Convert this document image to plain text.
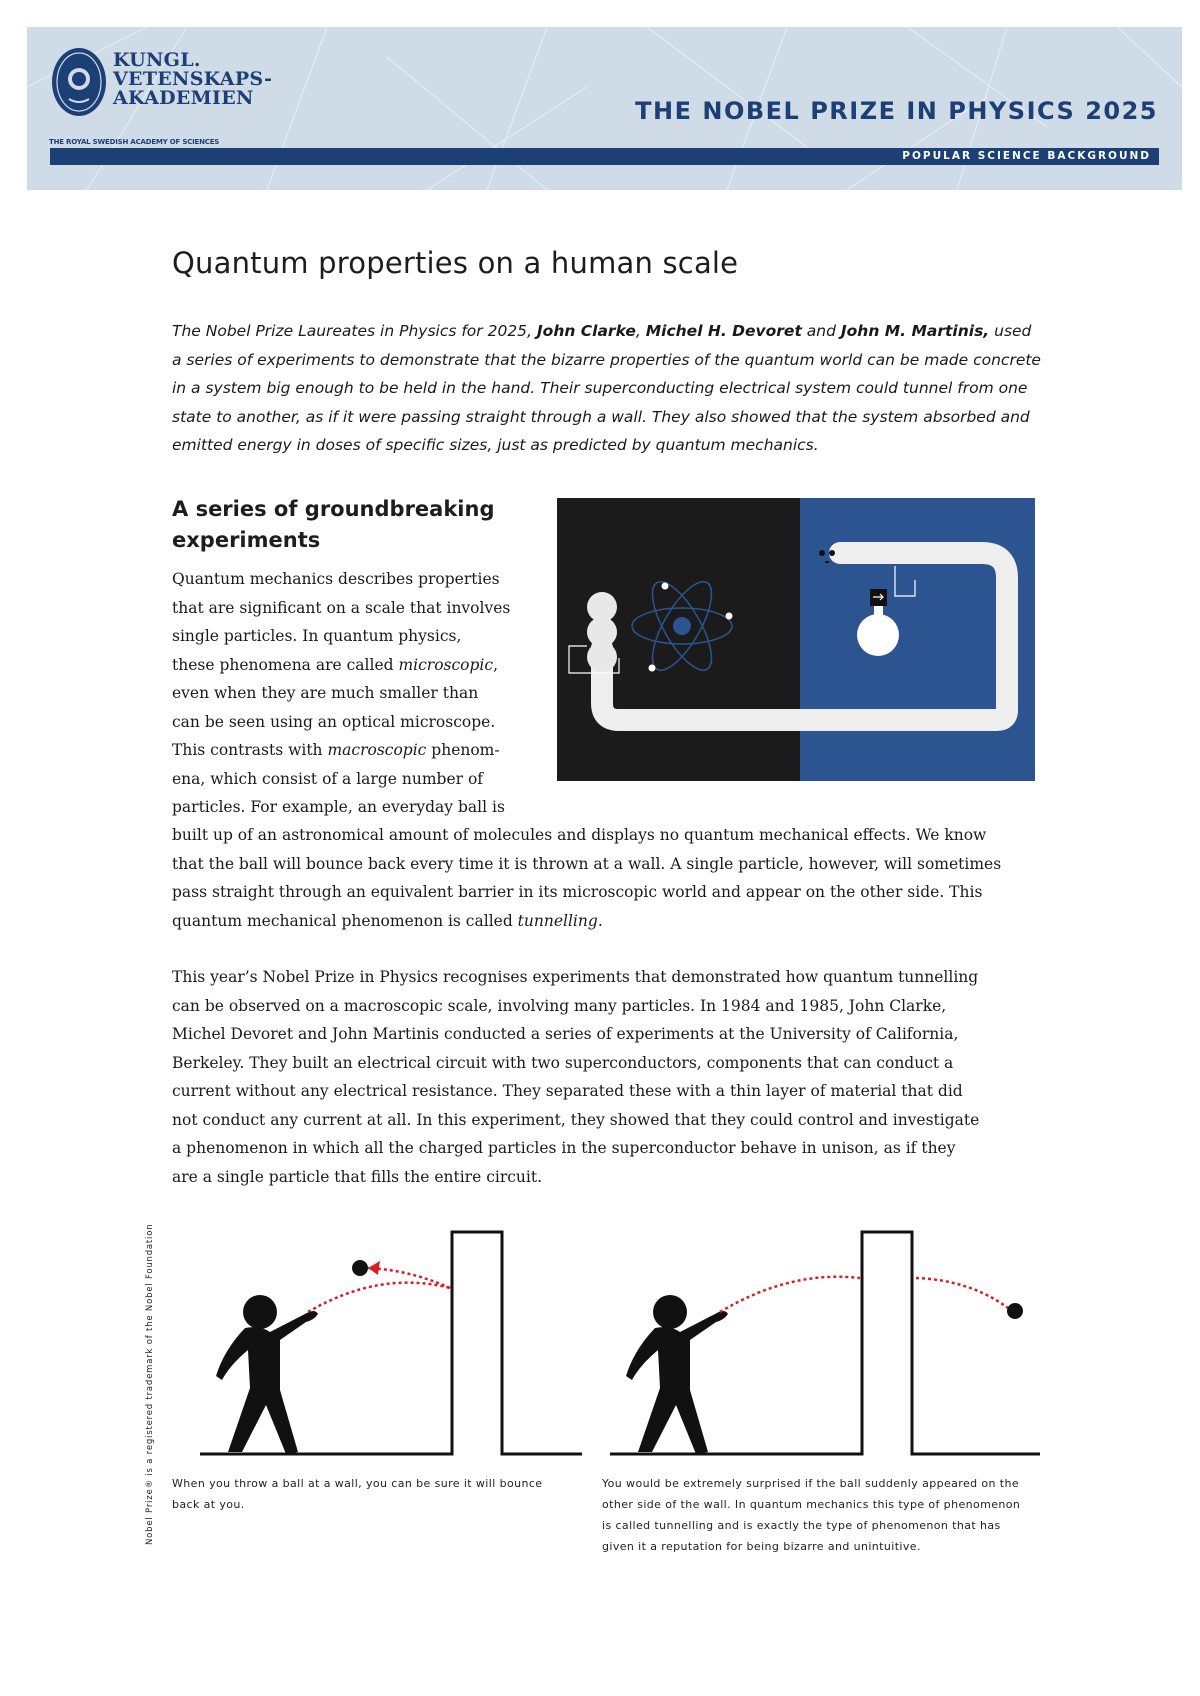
KUNGL.
VETENSKAPS-
AKADEMIEN
THE ROYAL SWEDISH ACADEMY OF SCIENCES
THE NOBEL PRIZE IN PHYSICS 2025
POPULAR SCIENCE BACKGROUND
Quantum properties on a human scale
The Nobel Prize Laureates in Physics for 2025, John Clarke, Michel H. Devoret and John M. Martinis, used a series of experiments to demonstrate that the bizarre properties of the quantum world can be made concrete in a system big enough to be held in the hand. Their superconducting electrical system could tunnel from one state to another, as if it were passing straight through a wall. They also showed that the system absorbed and emitted energy in doses of specific sizes, just as predicted by quantum mechanics.
A series of groundbreaking experiments
Quantum mechanics describes properties
that are significant on a scale that involves
single particles. In quantum physics,
these phenomena are called microscopic,
even when they are much smaller than
can be seen using an optical microscope.
This contrasts with macroscopic phenom-
ena, which consist of a large number of
particles. For example, an everyday ball is
built up of an astronomical amount of molecules and displays no quantum mechanical effects. We know
that the ball will bounce back every time it is thrown at a wall. A single particle, however, will sometimes
pass straight through an equivalent barrier in its microscopic world and appear on the other side. This
quantum mechanical phenomenon is called tunnelling.
This year’s Nobel Prize in Physics recognises experiments that demonstrated how quantum tunnelling
can be observed on a macroscopic scale, involving many particles. In 1984 and 1985, John Clarke,
Michel Devoret and John Martinis conducted a series of experiments at the University of California,
Berkeley. They built an electrical circuit with two superconductors, components that can conduct a
current without any electrical resistance. They separated these with a thin layer of material that did
not conduct any current at all. In this experiment, they showed that they could control and investigate
a phenomenon in which all the charged particles in the superconductor behave in unison, as if they
are a single particle that fills the entire circuit.
Nobel Prize® is a registered trademark of the Nobel Foundation When you throw a ball at a wall, you can be sure it will bounce
back at you.
You would be extremely surprised if the ball suddenly appeared on the
other side of the wall. In quantum mechanics this type of phenomenon
is called tunnelling and is exactly the type of phenomenon that has
given it a reputation for being bizarre and unintuitive.
